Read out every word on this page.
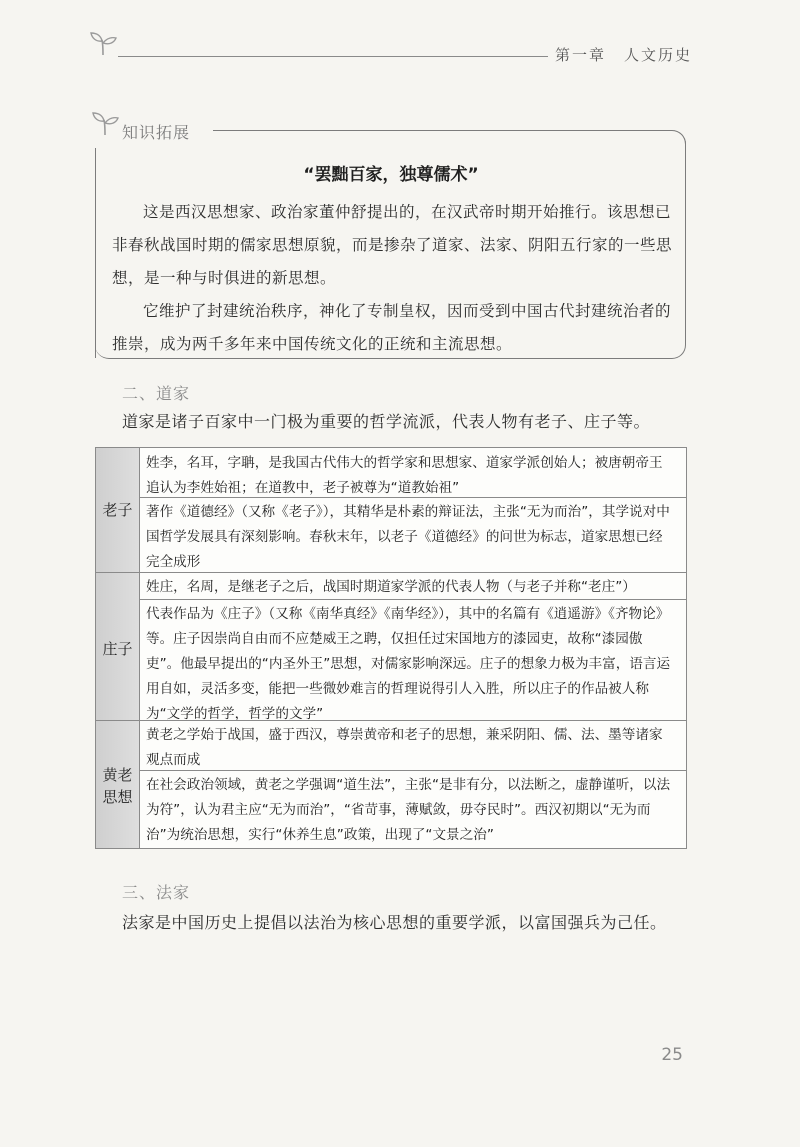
第一章 人文历史
知识拓展
“罢黜百家，独尊儒术”
这是西汉思想家、政治家董仲舒提出的，在汉武帝时期开始推行。该思想已非春秋战国时期的儒家思想原貌，而是掺杂了道家、法家、阴阳五行家的一些思想，是一种与时俱进的新思想。
它维护了封建统治秩序，神化了专制皇权，因而受到中国古代封建统治者的推崇，成为两千多年来中国传统文化的正统和主流思想。
二、道家
道家是诸子百家中一门极为重要的哲学流派，代表人物有老子、庄子等。
老子
姓李，名耳，字聃，是我国古代伟大的哲学家和思想家、道家学派创始人；被唐朝帝王追认为李姓始祖；在道教中，老子被尊为“道教始祖”
著作《道德经》（又称《老子》），其精华是朴素的辩证法，主张“无为而治”，其学说对中国哲学发展具有深刻影响。春秋末年，以老子《道德经》的问世为标志，道家思想已经完全成形
庄子
姓庄，名周，是继老子之后，战国时期道家学派的代表人物（与老子并称“老庄”）
代表作品为《庄子》（又称《南华真经》《南华经》），其中的名篇有《逍遥游》《齐物论》等。庄子因崇尚自由而不应楚威王之聘，仅担任过宋国地方的漆园吏，故称“漆园傲吏”。他最早提出的“内圣外王”思想，对儒家影响深远。庄子的想象力极为丰富，语言运用自如，灵活多变，能把一些微妙难言的哲理说得引人入胜，所以庄子的作品被人称为“文学的哲学，哲学的文学”
黄老
思想
黄老之学始于战国，盛于西汉，尊崇黄帝和老子的思想，兼采阴阳、儒、法、墨等诸家观点而成
在社会政治领域，黄老之学强调“道生法”，主张“是非有分，以法断之，虚静谨听，以法为符”，认为君主应“无为而治”，“省苛事，薄赋敛，毋夺民时”。西汉初期以“无为而治”为统治思想，实行“休养生息”政策，出现了“文景之治”
三、法家
法家是中国历史上提倡以法治为核心思想的重要学派，以富国强兵为己任。
25
